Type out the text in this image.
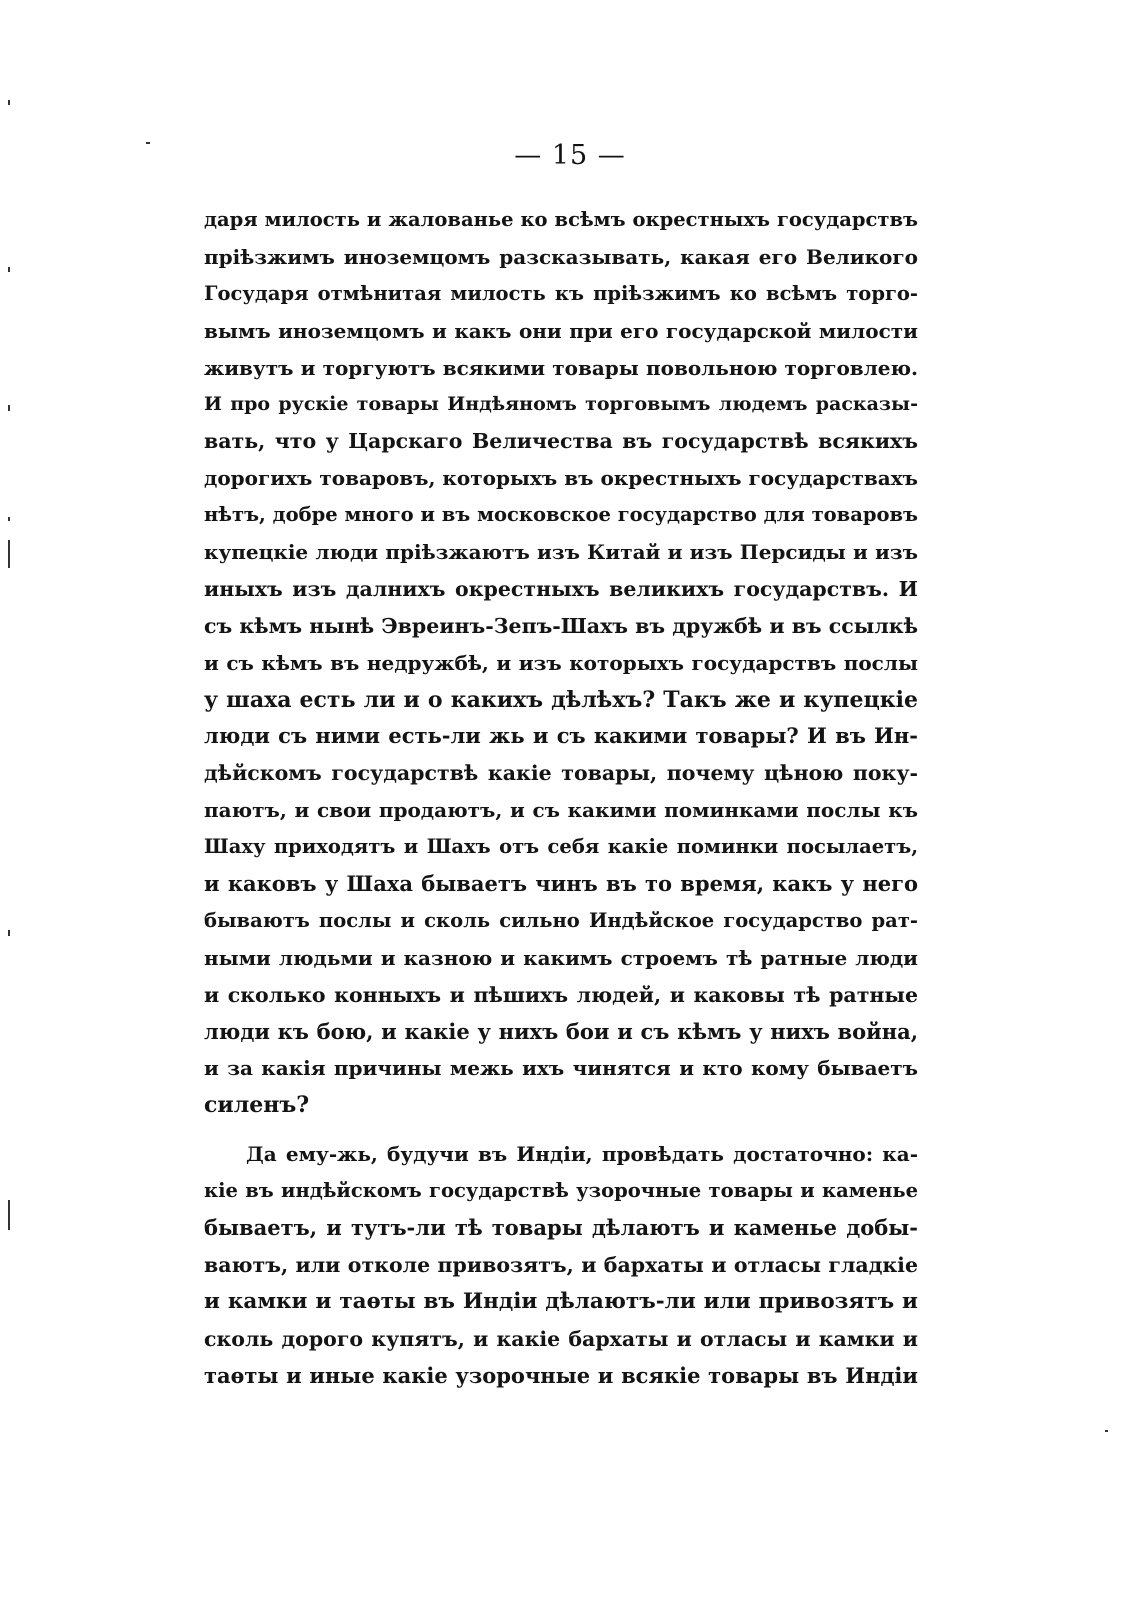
— 15 —
даря милость и жалованье ко всѣмъ окрестныхъ государствъ
пріѣзжимъ иноземцомъ разсказывать, какая его Великого
Государя отмѣнитая милость къ пріѣзжимъ ко всѣмъ торго-
вымъ иноземцомъ и какъ они при его государской милости
живутъ и торгуютъ всякими товары повольною торговлею.
И про рускіе товары Индѣяномъ торговымъ людемъ расказы-
вать, что у Царскаго Величества въ государствѣ всякихъ
дорогихъ товаровъ, которыхъ въ окрестныхъ государствахъ
нѣтъ, добре много и въ московское государство для товаровъ
купецкіе люди пріѣзжаютъ изъ Китай и изъ Персиды и изъ
иныхъ изъ далнихъ окрестныхъ великихъ государствъ. И
съ кѣмъ нынѣ Эвреинъ-Зепъ-Шахъ въ дружбѣ и въ ссылкѣ
и съ кѣмъ въ недружбѣ, и изъ которыхъ государствъ послы
у шаха есть ли и о какихъ дѣлѣхъ? Такъ же и купецкіе
люди съ ними есть-ли жь и съ какими товары? И въ Ин-
дѣйскомъ государствѣ какіе товары, почему цѣною поку-
паютъ, и свои продаютъ, и съ какими поминками послы къ
Шаху приходятъ и Шахъ отъ себя какіе поминки посылаетъ,
и каковъ у Шаха бываетъ чинъ въ то время, какъ у него
бываютъ послы и сколь сильно Индѣйское государство рат-
ными людьми и казною и какимъ строемъ тѣ ратные люди
и сколько конныхъ и пѣшихъ людей, и каковы тѣ ратные
люди къ бою, и какіе у нихъ бои и съ кѣмъ у нихъ война,
и за какія причины межь ихъ чинятся и кто кому бываетъ
силенъ?
Да ему-жь, будучи въ Индіи, провѣдать достаточно: ка-
кіе въ индѣйскомъ государствѣ узорочные товары и каменье
бываетъ, и тутъ-ли тѣ товары дѣлаютъ и каменье добы-
ваютъ, или отколе привозятъ, и бархаты и отласы гладкіе
и камки и таѳты въ Индіи дѣлаютъ-ли или привозятъ и
сколь дорого купятъ, и какіе бархаты и отласы и камки и
таѳты и иные какіе узорочные и всякіе товары въ Индіи
